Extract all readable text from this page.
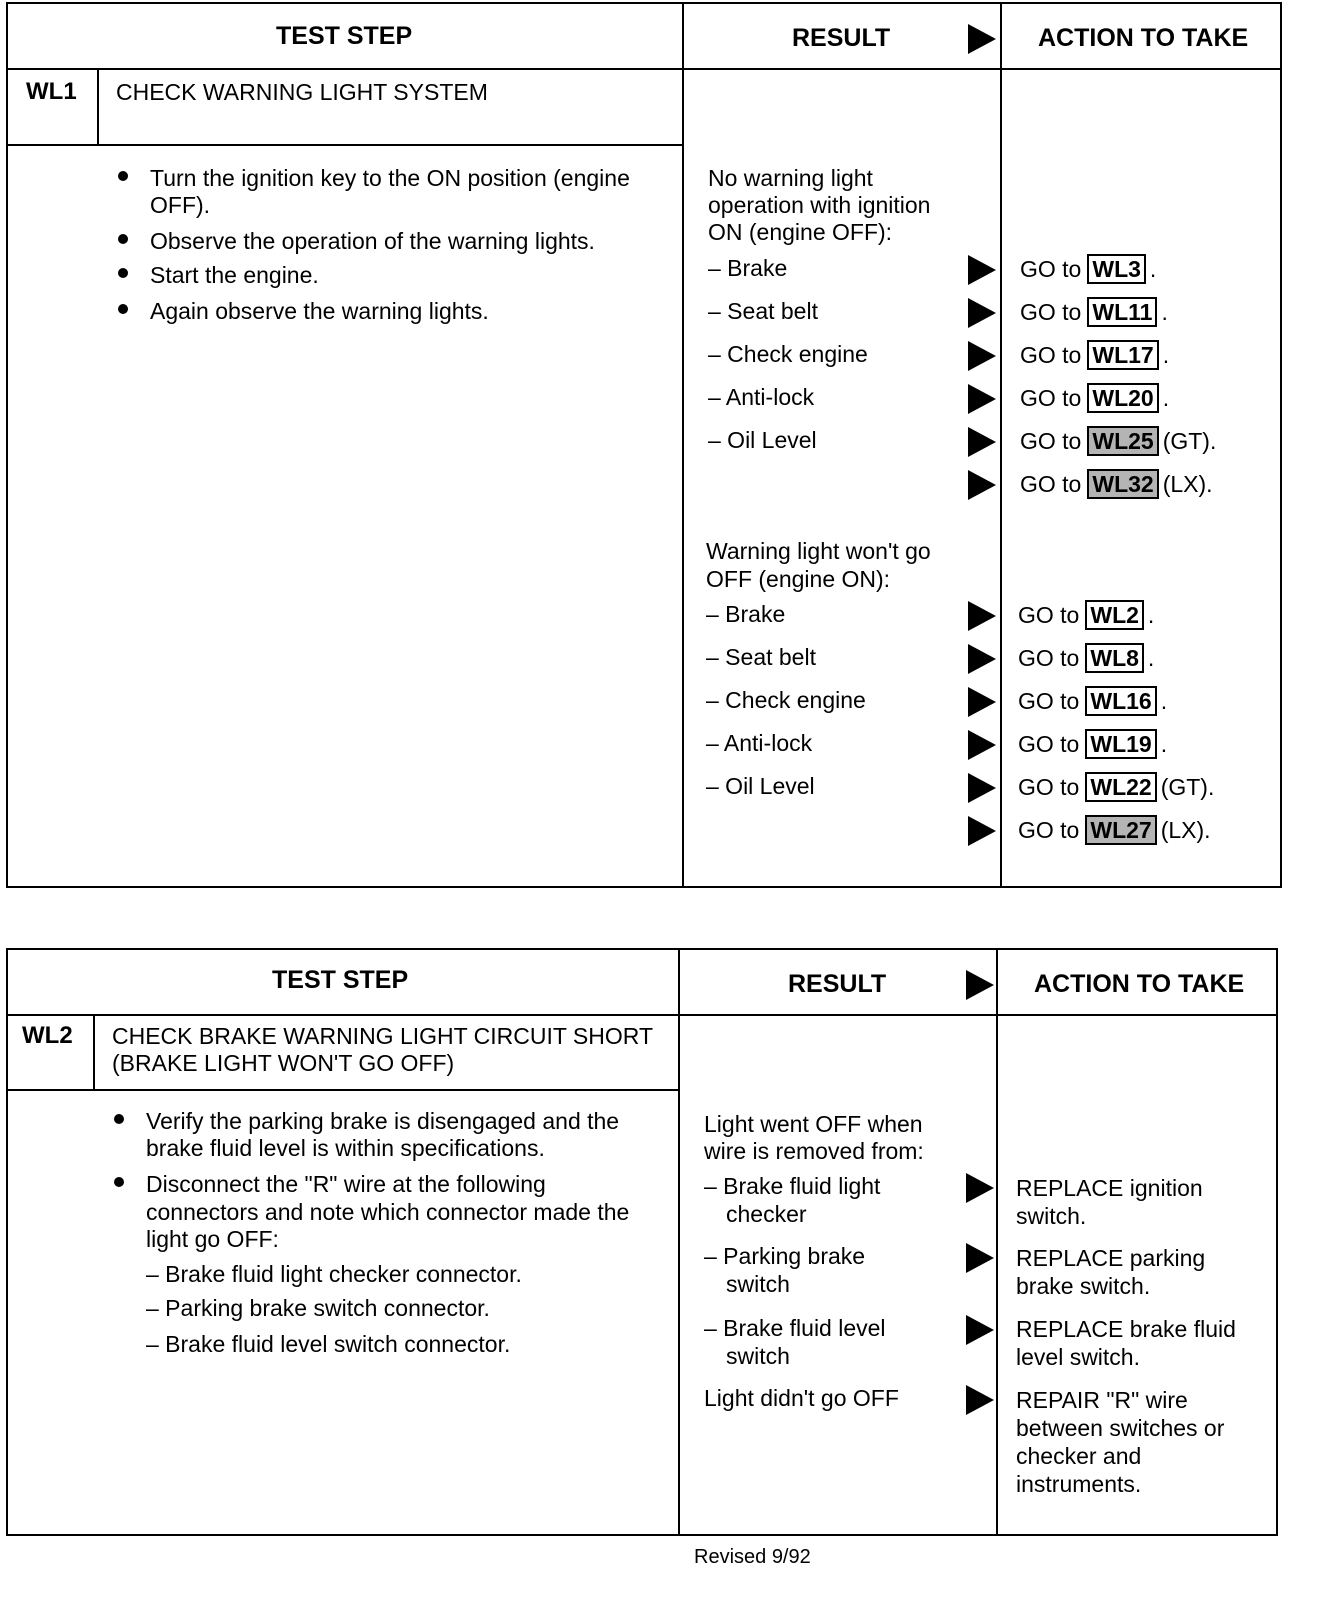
TEST STEP	RESULT	ACTION TO TAKE
WL1 CHECK WARNING LIGHT SYSTEM
Turn the ignition key to the ON position (engine
OFF).
Observe the operation of the warning lights.
Start the engine.
Again observe the warning lights.
No warning light
operation with ignition
ON (engine OFF):
– Brake	GO to WL3 .
– Seat belt	GO to WL11 .
– Check engine	GO to WL17 .
– Anti-lock	GO to WL20 .
– Oil Level	GO to WL25 (GT).
GO to WL32 (LX).
Warning light won't go
OFF (engine ON):
– Brake	GO to WL2 .
– Seat belt	GO to WL8 .
– Check engine	GO to WL16 .
– Anti-lock	GO to WL19 .
– Oil Level	GO to WL22 (GT).
GO to WL27 (LX).
TEST STEP	RESULT	ACTION TO TAKE
WL2 CHECK BRAKE WARNING LIGHT CIRCUIT SHORT
(BRAKE LIGHT WON'T GO OFF)
Verify the parking brake is disengaged and the
brake fluid level is within specifications.
Disconnect the "R" wire at the following
connectors and note which connector made the
light go OFF:
– Brake fluid light checker connector.
– Parking brake switch connector.
– Brake fluid level switch connector.
Light went OFF when
wire is removed from:
– Brake fluid light
checker
REPLACE ignition
switch.
– Parking brake
switch
REPLACE parking
brake switch.
– Brake fluid level
switch
REPLACE brake fluid
level switch.
Light didn't go OFF	REPAIR "R" wire
between switches or
checker and
instruments.
Revised 9/92
